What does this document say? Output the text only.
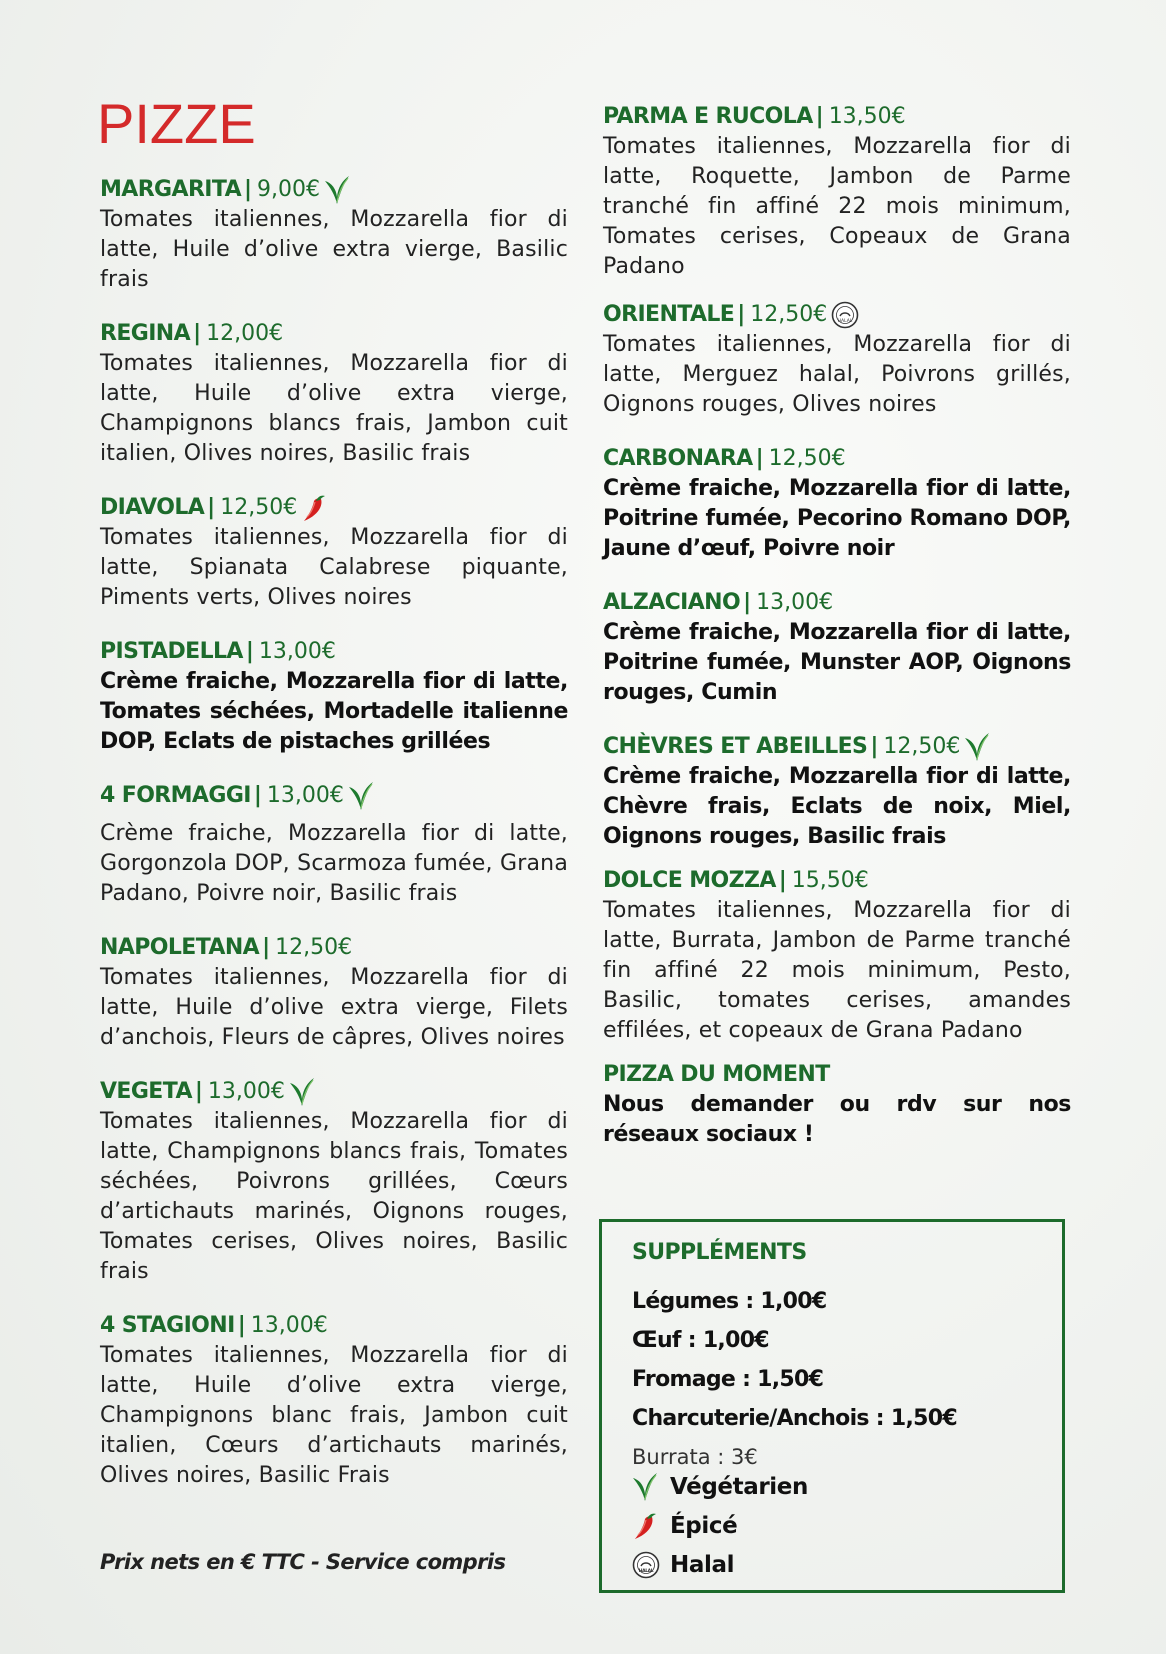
PIZZE
MARGARITA | 9,00€
Tomates italiennes, Mozzarella fior di latte, Huile d’olive extra vierge, Basilic frais
REGINA | 12,00€
Tomates italiennes, Mozzarella fior di latte, Huile d’olive extra vierge, Champignons blancs frais, Jambon cuit italien, Olives noires, Basilic frais
DIAVOLA | 12,50€
Tomates italiennes, Mozzarella fior di latte, Spianata Calabrese piquante, Piments verts, Olives noires
PISTADELLA | 13,00€
Crème fraiche, Mozzarella fior di latte, Tomates séchées, Mortadelle italienne DOP, Eclats de pistaches grillées
4 FORMAGGI | 13,00€
Crème fraiche, Mozzarella fior di latte, Gorgonzola DOP, Scarmoza fumée, Grana Padano, Poivre noir, Basilic frais
NAPOLETANA | 12,50€
Tomates italiennes, Mozzarella fior di latte, Huile d’olive extra vierge, Filets d’anchois, Fleurs de câpres, Olives noires
VEGETA | 13,00€
Tomates italiennes, Mozzarella fior di latte, Champignons blancs frais, Tomates séchées, Poivrons grillées, Cœurs d’artichauts marinés, Oignons rouges, Tomates cerises, Olives noires, Basilic frais
4 STAGIONI | 13,00€
Tomates italiennes, Mozzarella fior di latte, Huile d’olive extra vierge, Champignons blanc frais, Jambon cuit italien, Cœurs d’artichauts marinés, Olives noires, Basilic Frais
PARMA E RUCOLA | 13,50€
Tomates italiennes, Mozzarella fior di latte, Roquette, Jambon de Parme tranché fin affiné 22 mois minimum, Tomates cerises, Copeaux de Grana Padano
ORIENTALE | 12,50€ HALAL
Tomates italiennes, Mozzarella fior di latte, Merguez halal, Poivrons grillés, Oignons rouges, Olives noires
CARBONARA | 12,50€
Crème fraiche, Mozzarella fior di latte, Poitrine fumée, Pecorino Romano DOP, Jaune d’œuf, Poivre noir
ALZACIANO | 13,00€
Crème fraiche, Mozzarella fior di latte, Poitrine fumée, Munster AOP, Oignons rouges, Cumin
CHÈVRES ET ABEILLES | 12,50€
Crème fraiche, Mozzarella fior di latte, Chèvre frais, Eclats de noix, Miel, Oignons rouges, Basilic frais
DOLCE MOZZA | 15,50€
Tomates italiennes, Mozzarella fior di latte, Burrata, Jambon de Parme tranché fin affiné 22 mois minimum, Pesto, Basilic, tomates cerises, amandes effilées, et copeaux de Grana Padano
PIZZA DU MOMENT
Nous demander ou rdv sur nos réseaux sociaux !
SUPPLÉMENTS
Légumes : 1,00€
Œuf : 1,00€
Fromage : 1,50€
Charcuterie/Anchois : 1,50€
Burrata : 3€
Végétarien
Épicé
HALAL Halal
Prix nets en € TTC - Service compris
